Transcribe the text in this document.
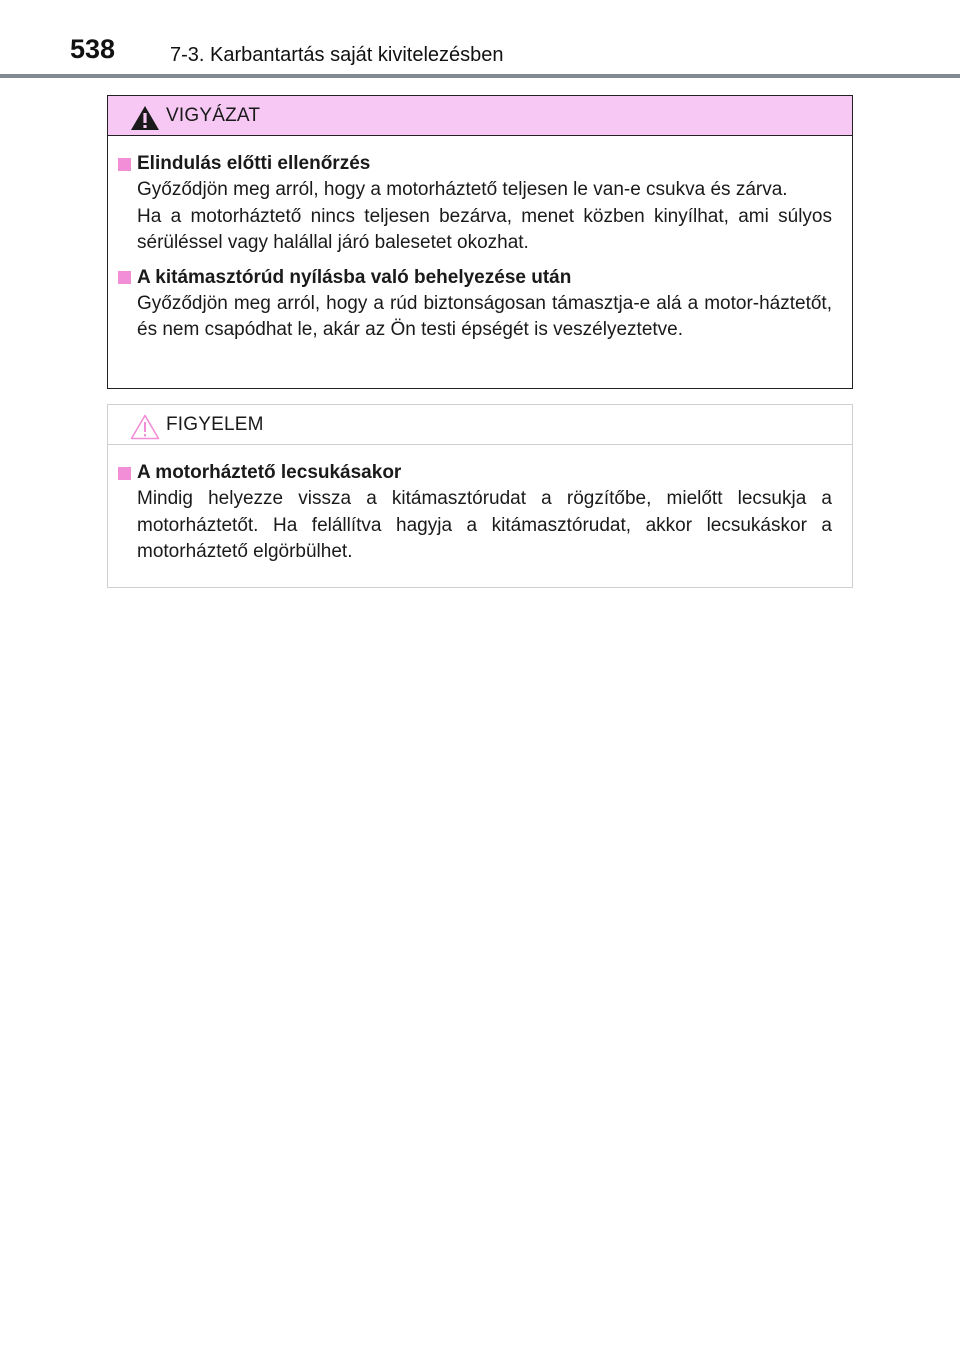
538	7-3. Karbantartás saját kivitelezésben
VIGYÁZAT
Elindulás előtti ellenőrzés

Győződjön meg arról, hogy a motorháztető teljesen le van-e csukva és zárva.

Ha a motorháztető nincs teljesen bezárva, menet közben kinyílhat, ami súlyos sérüléssel vagy halállal járó balesetet okozhat.

A kitámasztórúd nyílásba való behelyezése után

Győződjön meg arról, hogy a rúd biztonságosan támasztja-e alá a motor-háztetőt, és nem csapódhat le, akár az Ön testi épségét is veszélyeztetve.

FIGYELEM
A motorháztető lecsukásakor

Mindig helyezze vissza a kitámasztórudat a rögzítőbe, mielőtt lecsukja a motorháztetőt. Ha felállítva hagyja a kitámasztórudat, akkor lecsukáskor a motorháztető elgörbülhet.
